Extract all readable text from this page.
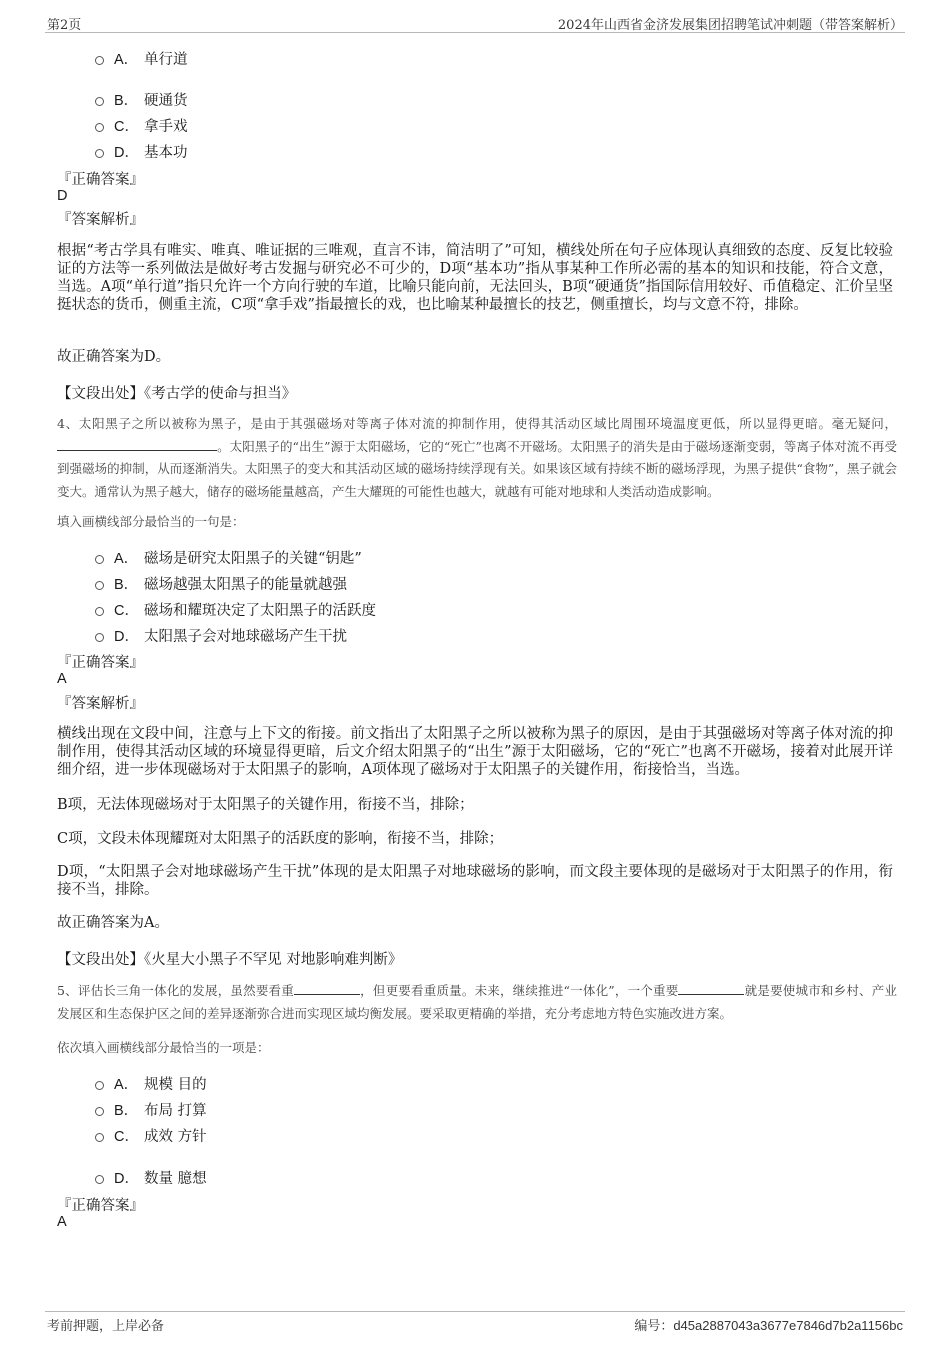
第2页	2024年山西省金济发展集团招聘笔试冲刺题（带答案解析）
A． 单行道
B． 硬通货
C． 拿手戏
D． 基本功
『正确答案』
D
『答案解析』
根据“考古学具有唯实、唯真、唯证据的三唯观，直言不讳，简洁明了”可知，横线处所在句子应体现认真细致的态度、反复比较验证的方法等一系列做法是做好考古发掘与研究必不可少的，D项“基本功”指从事某种工作所必需的基本的知识和技能，符合文意，当选。A项“单行道”指只允许一个方向行驶的车道，比喻只能向前，无法回头，B项“硬通货”指国际信用较好、币值稳定、汇价呈坚挺状态的货币，侧重主流，C项“拿手戏”指最擅长的戏，也比喻某种最擅长的技艺，侧重擅长，均与文意不符，排除。
故正确答案为D。
【文段出处】《考古学的使命与担当》
4、太阳黑子之所以被称为黑子，是由于其强磁场对等离子体对流的抑制作用，使得其活动区域比周围环境温度更低，所以显得更暗。毫无疑问，。太阳黑子的“出生”源于太阳磁场，它的“死亡”也离不开磁场。太阳黑子的消失是由于磁场逐渐变弱，等离子体对流不再受到强磁场的抑制，从而逐渐消失。太阳黑子的变大和其活动区域的磁场持续浮现有关。如果该区域有持续不断的磁场浮现，为黑子提供“食物”，黑子就会变大。通常认为黑子越大，储存的磁场能量越高，产生大耀斑的可能性也越大，就越有可能对地球和人类活动造成影响。
填入画横线部分最恰当的一句是：
A． 磁场是研究太阳黑子的关键“钥匙”
B． 磁场越强太阳黑子的能量就越强
C． 磁场和耀斑决定了太阳黑子的活跃度
D． 太阳黑子会对地球磁场产生干扰
『正确答案』
A
『答案解析』
横线出现在文段中间，注意与上下文的衔接。前文指出了太阳黑子之所以被称为黑子的原因，是由于其强磁场对等离子体对流的抑制作用，使得其活动区域的环境显得更暗，后文介绍太阳黑子的“出生”源于太阳磁场，它的“死亡”也离不开磁场，接着对此展开详细介绍，进一步体现磁场对于太阳黑子的影响，A项体现了磁场对于太阳黑子的关键作用，衔接恰当，当选。
B项，无法体现磁场对于太阳黑子的关键作用，衔接不当，排除；
C项，文段未体现耀斑对太阳黑子的活跃度的影响，衔接不当，排除；
D项，“太阳黑子会对地球磁场产生干扰”体现的是太阳黑子对地球磁场的影响，而文段主要体现的是磁场对于太阳黑子的作用，衔接不当，排除。
故正确答案为A。
【文段出处】《火星大小黑子不罕见 对地影响难判断》
5、评估长三角一体化的发展，虽然要看重	，但更要看重质量。未来，继续推进“一体化”，一个重要	就是要使城市和乡村、产业发展区和生态保护区之间的差异逐渐弥合进而实现区域均衡发展。要采取更精确的举措，充分考虑地方特色实施改进方案。
依次填入画横线部分最恰当的一项是：
A． 规模 目的
B． 布局 打算
C． 成效 方针
D． 数量 臆想
『正确答案』
A
考前押题，上岸必备	编号：d45a2887043a3677e7846d7b2a1156bc
